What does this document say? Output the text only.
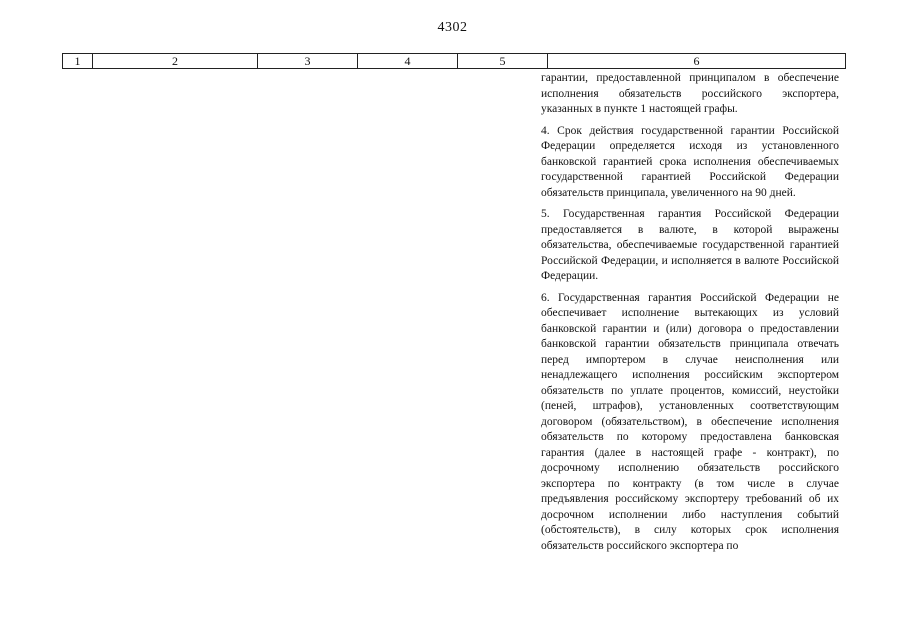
4302
1	2	3	4	5	6

гарантии, предоставленной принципалом в обеспечение исполнения обязательств российского экспортера, указанных в пункте 1 настоящей графы.

4. Срок действия государственной гарантии Российской Федерации определяется исходя из установленного банковской гарантией срока исполнения обеспечиваемых государственной гарантией Российской Федерации обязательств принципала, увеличенного на 90 дней.

5. Государственная гарантия Российской Федерации предоставляется в валюте, в которой выражены обязательства, обеспечиваемые государственной гарантией Российской Федерации, и исполняется в валюте Российской Федерации.

6. Государственная гарантия Российской Федерации не обеспечивает исполнение вытекающих из условий банковской гарантии и (или) договора о предоставлении банковской гарантии обязательств принципала отвечать перед импортером в случае неисполнения или ненадлежащего исполнения российским экспортером обязательств по уплате процентов, комиссий, неустойки (пеней, штрафов), установленных соответствующим договором (обязательством), в обеспечение исполнения обязательств по которому предоставлена банковская гарантия (далее в настоящей графе - контракт), по досрочному исполнению обязательств российского экспортера по контракту (в том числе в случае предъявления российскому экспортеру требований об их досрочном исполнении либо наступления событий (обстоятельств), в силу которых срок исполнения обязательств российского экспортера по
